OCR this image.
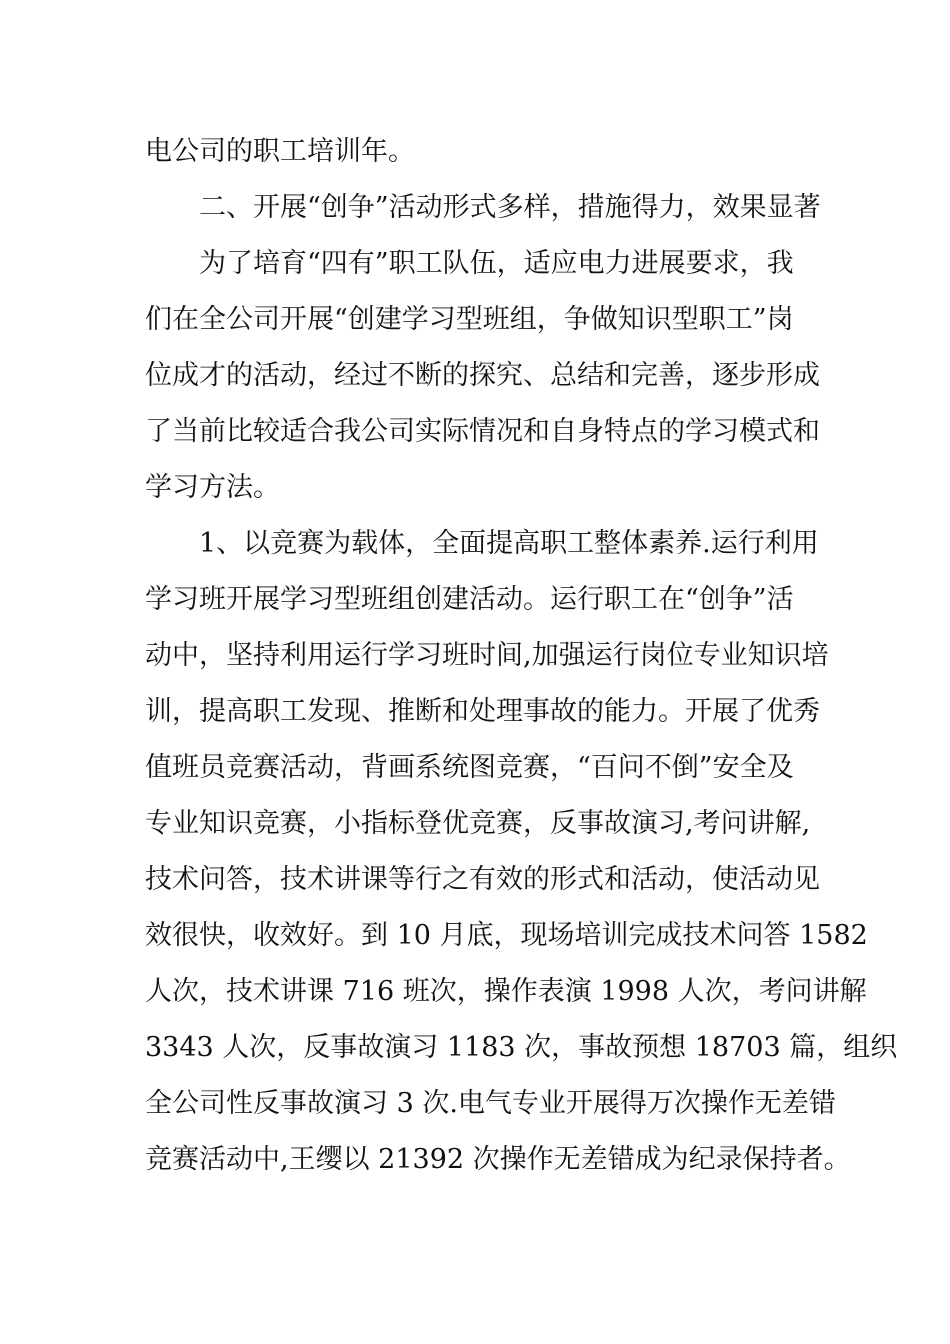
电公司的职工培训年。
二、开展“创争”活动形式多样，措施得力，效果显著
为了培育“四有”职工队伍，适应电力进展要求，我
们在全公司开展“创建学习型班组，争做知识型职工”岗
位成才的活动，经过不断的探究、总结和完善，逐步形成
了当前比较适合我公司实际情况和自身特点的学习模式和
学习方法。
1、以竞赛为载体，全面提高职工整体素养.运行利用
学习班开展学习型班组创建活动。运行职工在“创争”活
动中，坚持利用运行学习班时间,加强运行岗位专业知识培
训，提高职工发现、推断和处理事故的能力。开展了优秀
值班员竞赛活动，背画系统图竞赛，“百问不倒”安全及
专业知识竞赛，小指标登优竞赛，反事故演习,考问讲解,
技术问答，技术讲课等行之有效的形式和活动，使活动见
效很快，收效好。到 10 月底，现场培训完成技术问答 1582
人次，技术讲课 716 班次，操作表演 1998 人次，考问讲解
3343 人次，反事故演习 1183 次，事故预想 18703 篇，组织
全公司性反事故演习 3 次.电气专业开展得万次操作无差错
竞赛活动中,王缨以 21392 次操作无差错成为纪录保持者。
